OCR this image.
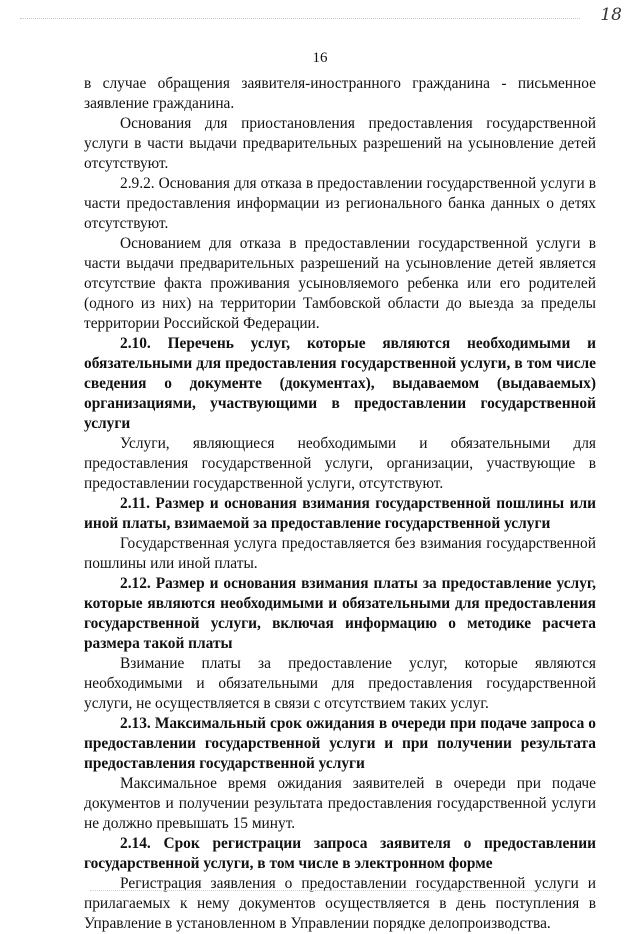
18
16

в случае обращения заявителя-иностранного гражданина - письменное заявление гражданина.

Основания для приостановления предоставления государственной услуги в части выдачи предварительных разрешений на усыновление детей отсутствуют.

2.9.2. Основания для отказа в предоставлении государственной услуги в части предоставления информации из регионального банка данных о детях отсутствуют.

Основанием для отказа в предоставлении государственной услуги в части выдачи предварительных разрешений на усыновление детей является отсутствие факта проживания усыновляемого ребенка или его родителей (одного из них) на территории Тамбовской области до выезда за пределы территории Российской Федерации.

2.10. Перечень услуг, которые являются необходимыми и обязательными для предоставления государственной услуги, в том числе сведения о документе (документах), выдаваемом (выдаваемых) организациями, участвующими в предоставлении государственной услуги

Услуги, являющиеся необходимыми и обязательными для предоставления государственной услуги, организации, участвующие в предоставлении государственной услуги, отсутствуют.

2.11. Размер и основания взимания государственной пошлины или иной платы, взимаемой за предоставление государственной услуги

Государственная услуга предоставляется без взимания государственной пошлины или иной платы.

2.12. Размер и основания взимания платы за предоставление услуг, которые являются необходимыми и обязательными для предоставления государственной услуги, включая информацию о методике расчета размера такой платы

Взимание платы за предоставление услуг, которые являются необходимыми и обязательными для предоставления государственной услуги, не осуществляется в связи с отсутствием таких услуг.

2.13. Максимальный срок ожидания в очереди при подаче запроса о предоставлении государственной услуги и при получении результата предоставления государственной услуги

Максимальное время ожидания заявителей в очереди при подаче документов и получении результата предоставления государственной услуги не должно превышать 15 минут.

2.14. Срок регистрации запроса заявителя о предоставлении государственной услуги, в том числе в электронном форме

Регистрация заявления о предоставлении государственной услуги и прилагаемых к нему документов осуществляется в день поступления в Управление в установленном в Управлении порядке делопроизводства.
